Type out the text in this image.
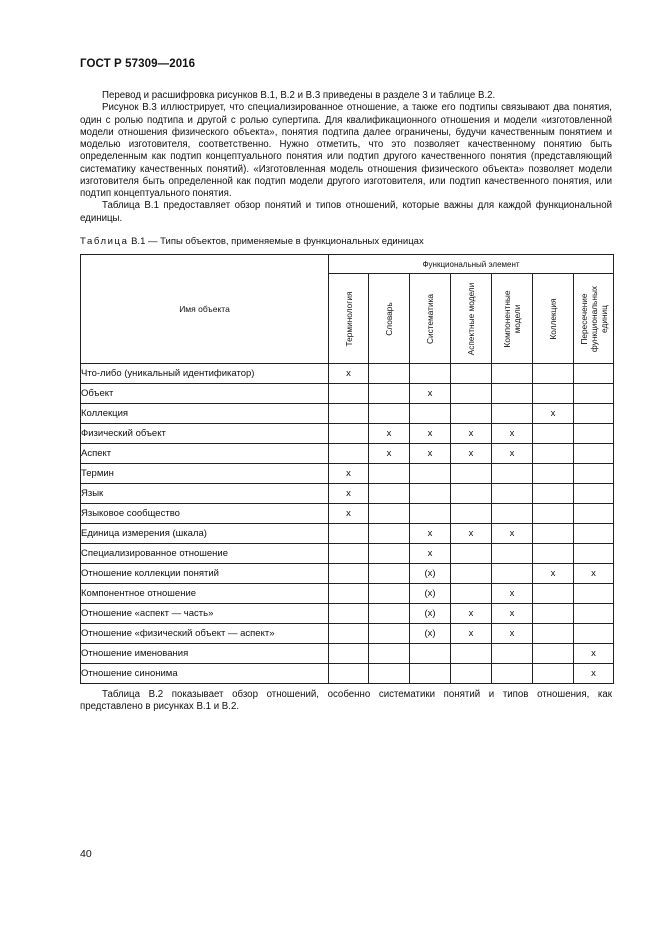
ГОСТ Р 57309—2016

Перевод и расшифровка рисунков В.1, В.2 и В.3 приведены в разделе 3 и таблице В.2.

Рисунок В.3 иллюстрирует, что специализированное отношение, а также его подтипы связывают два понятия, один с ролью подтипа и другой с ролью супертипа. Для квалификационного отношения и модели «изготовленной модели отношения физического объекта», понятия подтипа далее ограничены, будучи качественным понятием и моделью изготовителя, соответственно. Нужно отметить, что это позволяет качественному понятию быть определенным как подтип концептуального понятия или подтип другого качественного понятия (представляющий систематику качественных понятий). «Изготовленная модель отношения физического объекта» позволяет модели изготовителя быть определенной как подтип модели другого изготовителя, или подтип качественного понятия, или подтип концептуального понятия.

Таблица В.1 предоставляет обзор понятий и типов отношений, которые важны для каждой функциональной единицы.

Таблица В.1 — Типы объектов, применяемые в функциональных единицах
Имя объекта	Функциональный элемент						

	Терминология	Словарь	Систематика	Аспектные модели	Компонентные модели	Коллекция	Пересечение функциональных единиц

Что-либо (уникальный идентификатор)	x						
Объект			x				
Коллекция						x	
Физический объект		x	x	x	x		
Аспект		x	x	x	x		
Термин	x						
Язык	x						
Языковое сообщество	x						
Единица измерения (шкала)			x	x	x		
Специализированное отношение			x				
Отношение коллекции понятий			(x)			x	x
Компонентное отношение			(x)		x		
Отношение «аспект — часть»			(x)	x	x		
Отношение «физический объект — аспект»			(x)	x	x		
Отношение именования							x
Отношение синонима							x

Таблица В.2 показывает обзор отношений, особенно систематики понятий и типов отношения, как представлено в рисунках В.1 и В.2.

40
